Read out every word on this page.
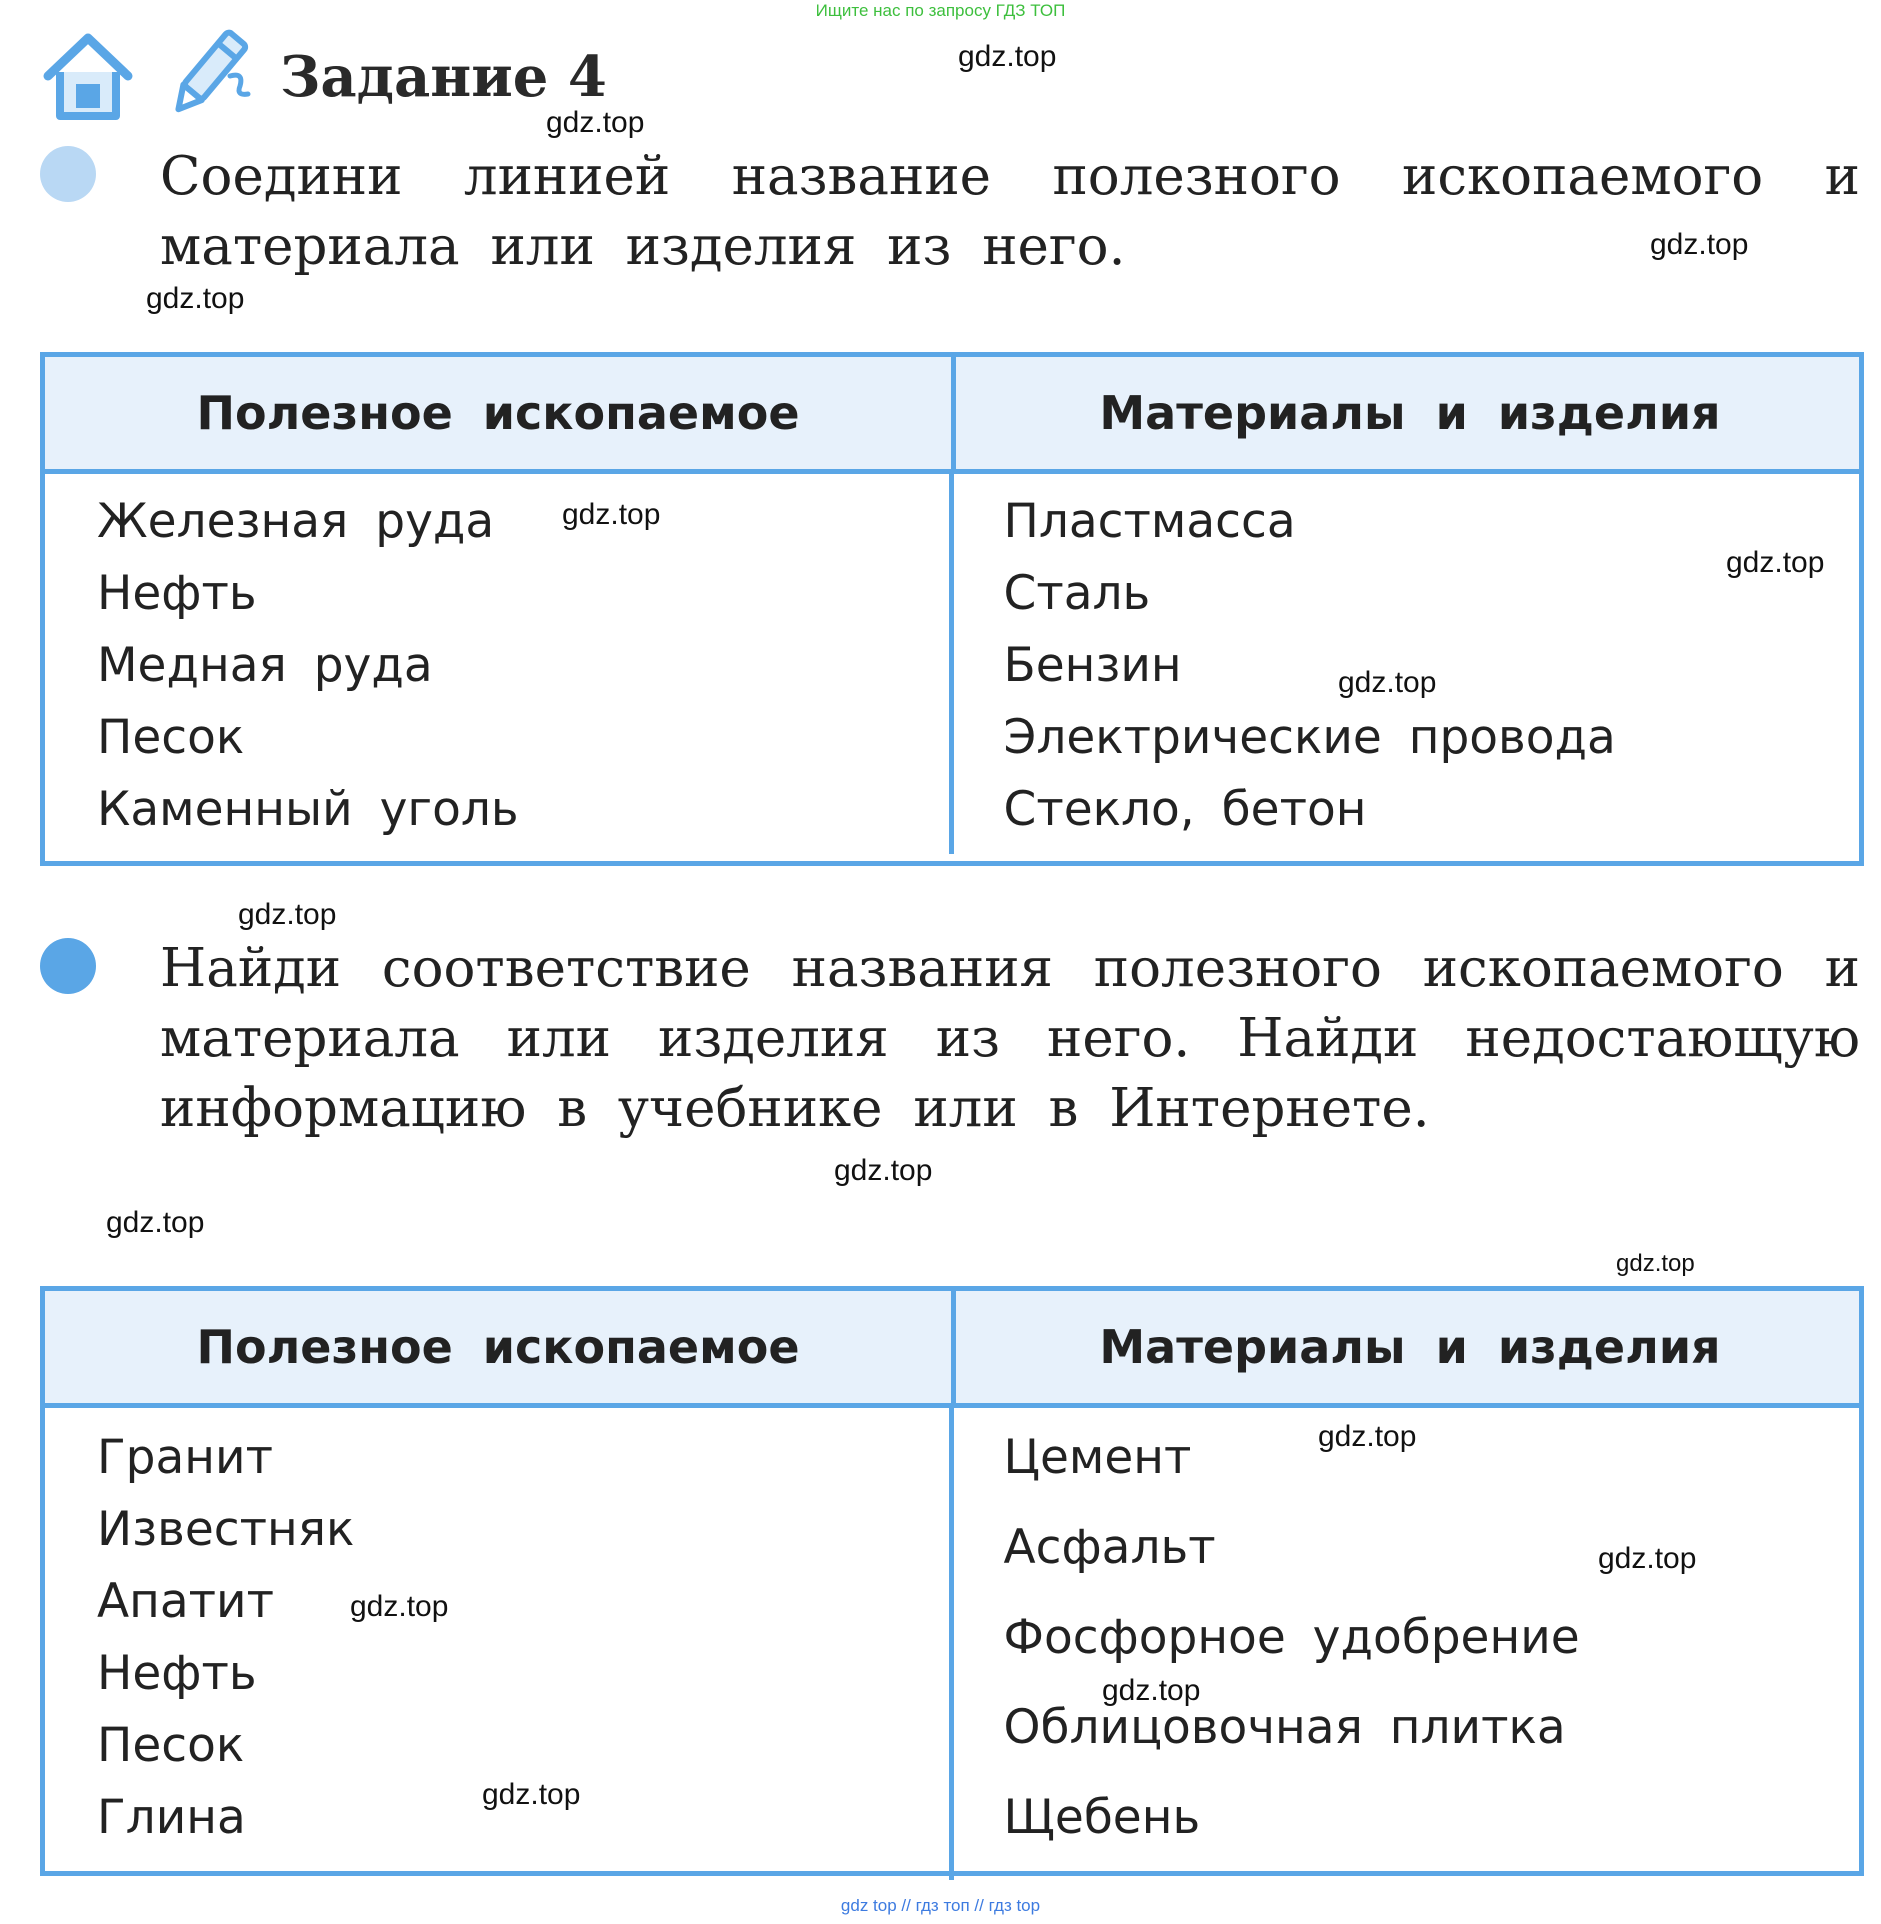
Ищите нас по запросу ГДЗ ТОП
Задание 4
Соедини линией название полезного ископаемого и материала или изделия из него.
Полезное ископаемое	Материалы и изделия
Железная руда
Нефть
Медная руда
Песок
Каменный уголь
Пластмасса
Сталь
Бензин
Электрические провода
Стекло, бетон
Найди соответствие названия полезного ископаемого и материала или изделия из него. Найди недостающую информацию в учебнике или в Интернете.
Полезное ископаемое	Материалы и изделия
Гранит
Известняк
Апатит
Нефть
Песок
Глина
Цемент
Асфальт
Фосфорное удобрение
Облицовочная плитка
Щебень
gdz.top
gdz.top
gdz.top
gdz.top
gdz.top
gdz.top
gdz.top
gdz.top
gdz.top
gdz.top
gdz.top
gdz.top
gdz.top
gdz.top
gdz.top
gdz.top
gdz top // гдз топ // гдз top
